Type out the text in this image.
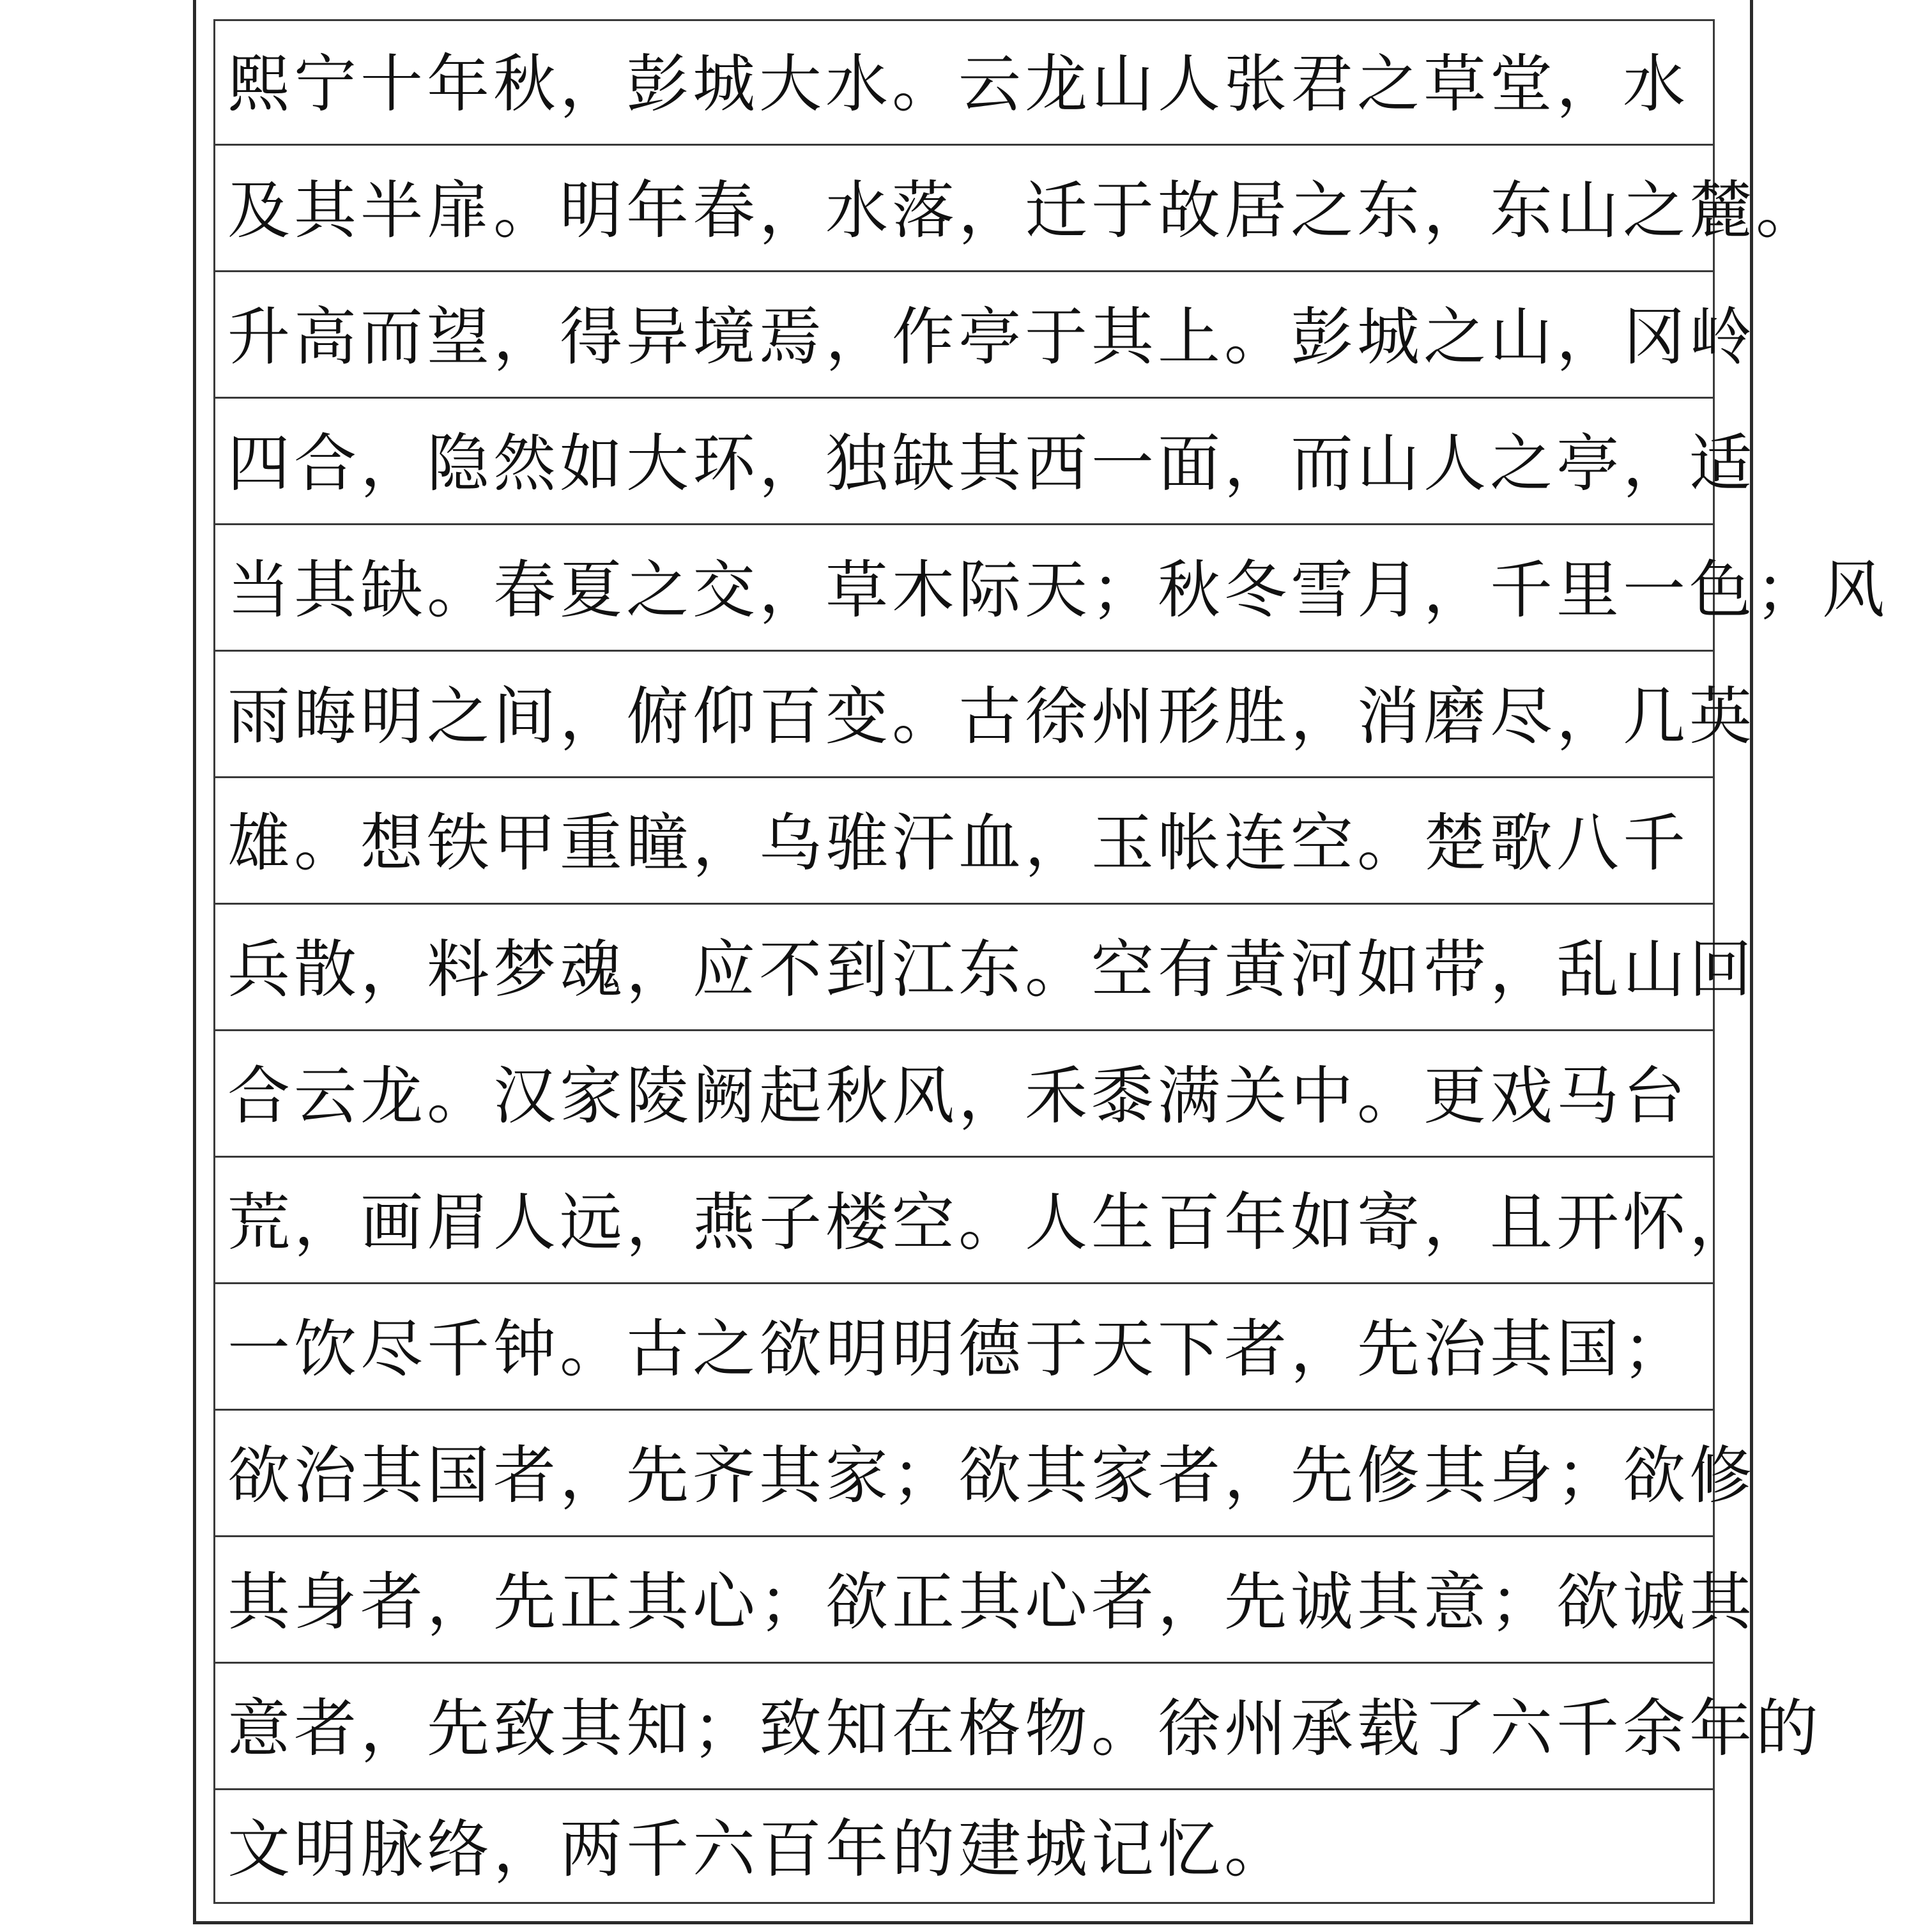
熙宁十年秋，彭城大水。云龙山人张君之草堂，水
及其半扉。明年春，水落，迁于故居之东，东山之麓。
升高而望，得异境焉，作亭于其上。彭城之山，冈岭
四合，隐然如大环，独缺其西一面，而山人之亭，适
当其缺。春夏之交，草木际天；秋冬雪月，千里一色；风
雨晦明之间，俯仰百变。古徐州形胜，消磨尽，几英
雄。想铁甲重瞳，乌骓汗血，玉帐连空。楚歌八千
兵散，料梦魂，应不到江东。空有黄河如带，乱山回
合云龙。汉家陵阙起秋风，禾黍满关中。更戏马台
荒，画眉人远，燕子楼空。人生百年如寄，且开怀，
一饮尽千钟。古之欲明明德于天下者，先治其国；
欲治其国者，先齐其家；欲其家者，先修其身；欲修
其身者，先正其心；欲正其心者，先诚其意；欲诚其
意者，先致其知；致知在格物。徐州承载了六千余年的
文明脉络，两千六百年的建城记忆。
